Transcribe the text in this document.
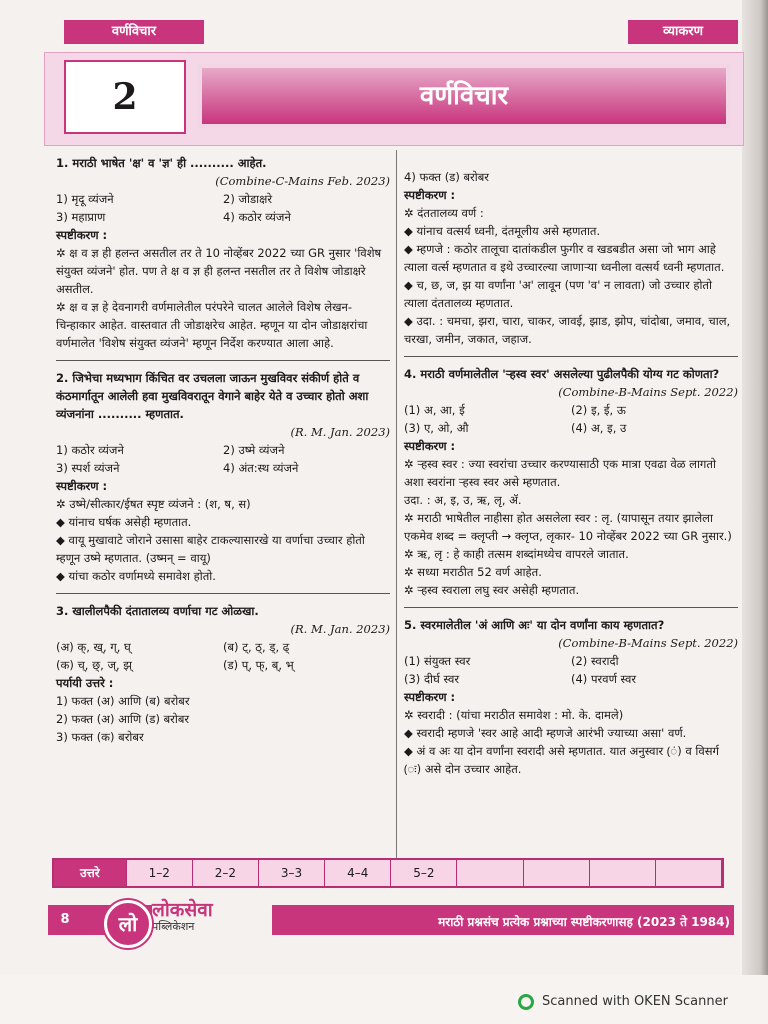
वर्णविचार	व्याकरण
2	वर्णविचार

1. मराठी भाषेत 'क्ष' व 'ज्ञ' ही .......... आहेत.

(Combine-C-Mains Feb. 2023)

1) मृदू व्यंजने	2) जोडाक्षरे
3) महाप्राण	4) कठोर व्यंजने

स्पष्टीकरण :

✲ क्ष व ज्ञ ही हलन्त असतील तर ते 10 नोव्हेंबर 2022 च्या GR नुसार 'विशेष संयुक्त व्यंजने' होत. पण ते क्ष व ज्ञ ही हलन्त नसतील तर ते विशेष जोडाक्षरे असतील.

✲ क्ष व ज्ञ हे देवनागरी वर्णमालेतील परंपरेने चालत आलेले विशेष लेखन-चिन्हाकार आहेत. वास्तवात ती जोडाक्षरेच आहेत. म्हणून या दोन जोडाक्षरांचा वर्णमालेत 'विशेष संयुक्त व्यंजने' म्हणून निर्देश करण्यात आला आहे.

2. जिभेचा मध्यभाग किंचित वर उचलला जाऊन मुखविवर संकीर्ण होते व कंठमार्गातून आलेली हवा मुखविवरातून वेगाने बाहेर येते व उच्चार होतो अशा व्यंजनांना .......... म्हणतात.

(R. M. Jan. 2023)

1) कठोर व्यंजने	2) उष्मे व्यंजने
3) स्पर्श व्यंजने	4) अंत:स्थ व्यंजने

स्पष्टीकरण :

✲ उष्मे/सीत्कार/ईषत स्पृष्ट व्यंजने : (श, ष, स)

◆ यांनाच घर्षक असेही म्हणतात.

◆ वायू मुखावाटे जोराने उसासा बाहेर टाकल्यासारखे या वर्णाचा उच्चार होतो म्हणून उष्मे म्हणतात. (उष्मन् = वायू)

◆ यांचा कठोर वर्णामध्ये समावेश होतो.

3. खालीलपैकी दंतातालव्य वर्णाचा गट ओळखा.

(R. M. Jan. 2023)

(अ) क्, ख्, ग्, घ्	(ब) ट्, ठ्, ड्, ढ्
(क) च्, छ्, ज्, झ्	(ड) प्, फ्, ब्, भ्

पर्यायी उत्तरे :

1) फक्त (अ) आणि (ब) बरोबर

2) फक्त (अ) आणि (ड) बरोबर

3) फक्त (क) बरोबर

4) फक्त (ड) बरोबर

स्पष्टीकरण :

✲ दंततालव्य वर्ण :

◆ यांनाच वत्सर्य ध्वनी, दंतमूलीय असे म्हणतात.

◆ म्हणजे : कठोर तालूचा दातांकडील फुगीर व खडबडीत असा जो भाग आहे त्याला वर्त्स म्हणतात व इथे उच्चारल्या जाणाऱ्या ध्वनीला वत्सर्य ध्वनी म्हणतात.

◆ च, छ, ज, झ या वर्णांना 'अ' लावून (पण 'व' न लावता) जो उच्चार होतो त्याला दंततालव्य म्हणतात.

◆ उदा. : चमचा, झरा, चारा, चाकर, जावई, झाड, झोप, चांदोबा, जमाव, चाल, चरखा, जमीन, जकात, जहाज.

4. मराठी वर्णमालेतील 'ऱ्हस्व स्वर' असलेल्या पुढीलपैकी योग्य गट कोणता?

(Combine-B-Mains Sept. 2022)

(1) अ, आ, ई	(2) इ, ई, ऊ
(3) ए, ओ, औ	(4) अ, इ, उ

स्पष्टीकरण :

✲ ऱ्हस्व स्वर : ज्या स्वरांचा उच्चार करण्यासाठी एक मात्रा एवढा वेळ लागतो अशा स्वरांना ऱ्हस्व स्वर असे म्हणतात.

उदा. : अ, इ, उ, ऋ, लृ, ॲ.

✲ मराठी भाषेतील नाहीसा होत असलेला स्वर : लृ. (यापासून तयार झालेला एकमेव शब्द = क्लृप्ती → क्लृप्त, लृकार- 10 नोव्हेंबर 2022 च्या GR नुसार.)

✲ ऋ, लृ : हे काही तत्सम शब्दांमध्येच वापरले जातात.

✲ सध्या मराठीत 52 वर्ण आहेत.

✲ ऱ्हस्व स्वराला लघु स्वर असेही म्हणतात.

5. स्वरमालेतील 'अं आणि अः' या दोन वर्णांना काय म्हणतात?

(Combine-B-Mains Sept. 2022)

(1) संयुक्त स्वर	(2) स्वरादी
(3) दीर्घ स्वर	(4) परवर्ण स्वर

स्पष्टीकरण :

✲ स्वरादी : (यांचा मराठीत समावेश : मो. के. दामले)

◆ स्वरादी म्हणजे 'स्वर आहे आदी म्हणजे आरंभी ज्याच्या असा' वर्ण.

◆ अं व अः या दोन वर्णांना स्वरादी असे म्हणतात. यात अनुस्वार (ं) व विसर्ग (ः) असे दोन उच्चार आहेत.

उत्तरे	1–2	2–2	3–3	4–4	5–2
8	लोकसेवा
पब्लिकेशन
लो	मराठी प्रश्नसंच प्रत्येक प्रश्नाच्या स्पष्टीकरणासह (2023 ते 1984)
Scanned with OKEN Scanner
